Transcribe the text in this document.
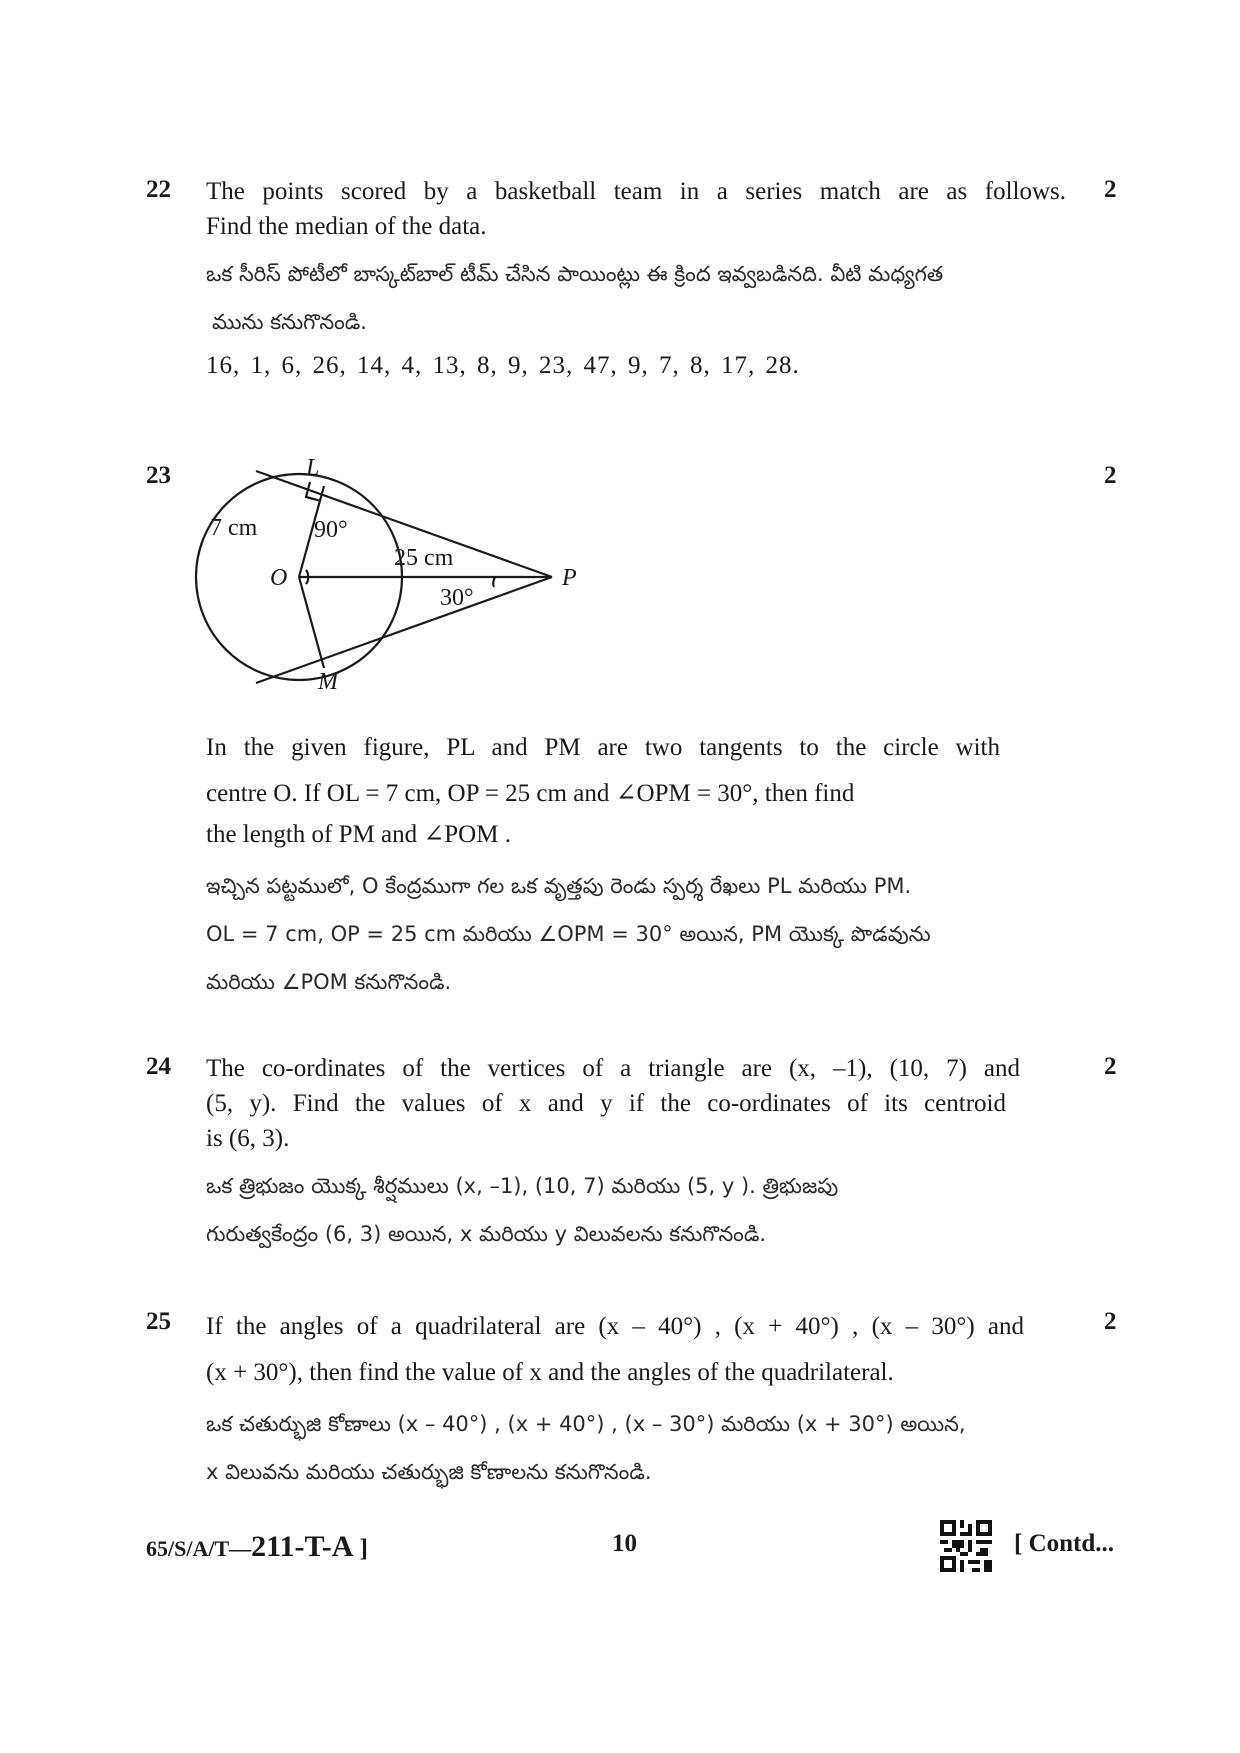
22	2
The points scored by a basketball team in a series match are as follows.
Find the median of the data.
ఒక సీరిస్ పోటీలో బాస్కట్‌బాల్ టీమ్ చేసిన పాయింట్లు ఈ క్రింద ఇవ్వబడినది. వీటి మధ్యగత
మును కనుగొనండి.
16, 1, 6, 26, 14, 4, 13, 8, 9, 23, 47, 9, 7, 8, 17, 28.
23	2
L
O	P
M
7 cm 90°
25 cm
30°
In the given figure, PL and PM are two tangents to the circle with
centre O. If OL = 7 cm, OP = 25 cm and ∠OPM = 30°, then find
the length of PM and ∠POM .
ఇచ్చిన పట్టములో, O కేంద్రముగా గల ఒక వృత్తపు రెండు స్పర్శ రేఖలు PL మరియు PM.
OL = 7 cm, OP = 25 cm మరియు ∠OPM = 30° అయిన, PM యొక్క పొడవును
మరియు ∠POM కనుగొనండి.
24	2
The co-ordinates of the vertices of a triangle are (x, –1), (10, 7) and
(5, y). Find the values of x and y if the co-ordinates of its centroid
is (6, 3).
ఒక త్రిభుజం యొక్క శీర్షములు (x, –1), (10, 7) మరియు (5, y ). త్రిభుజపు
గురుత్వకేంద్రం (6, 3) అయిన, x మరియు y విలువలను కనుగొనండి.
25	2
If the angles of a quadrilateral are (x – 40°) , (x + 40°) , (x – 30°) and
(x + 30°), then find the value of x and the angles of the quadrilateral.
ఒక చతుర్భుజి కోణాలు (x – 40°) , (x + 40°) , (x – 30°) మరియు (x + 30°) అయిన,
x విలువను మరియు చతుర్భుజి కోణాలను కనుగొనండి.
65/S/A/T—211-T-A ]	10	[ Contd...
